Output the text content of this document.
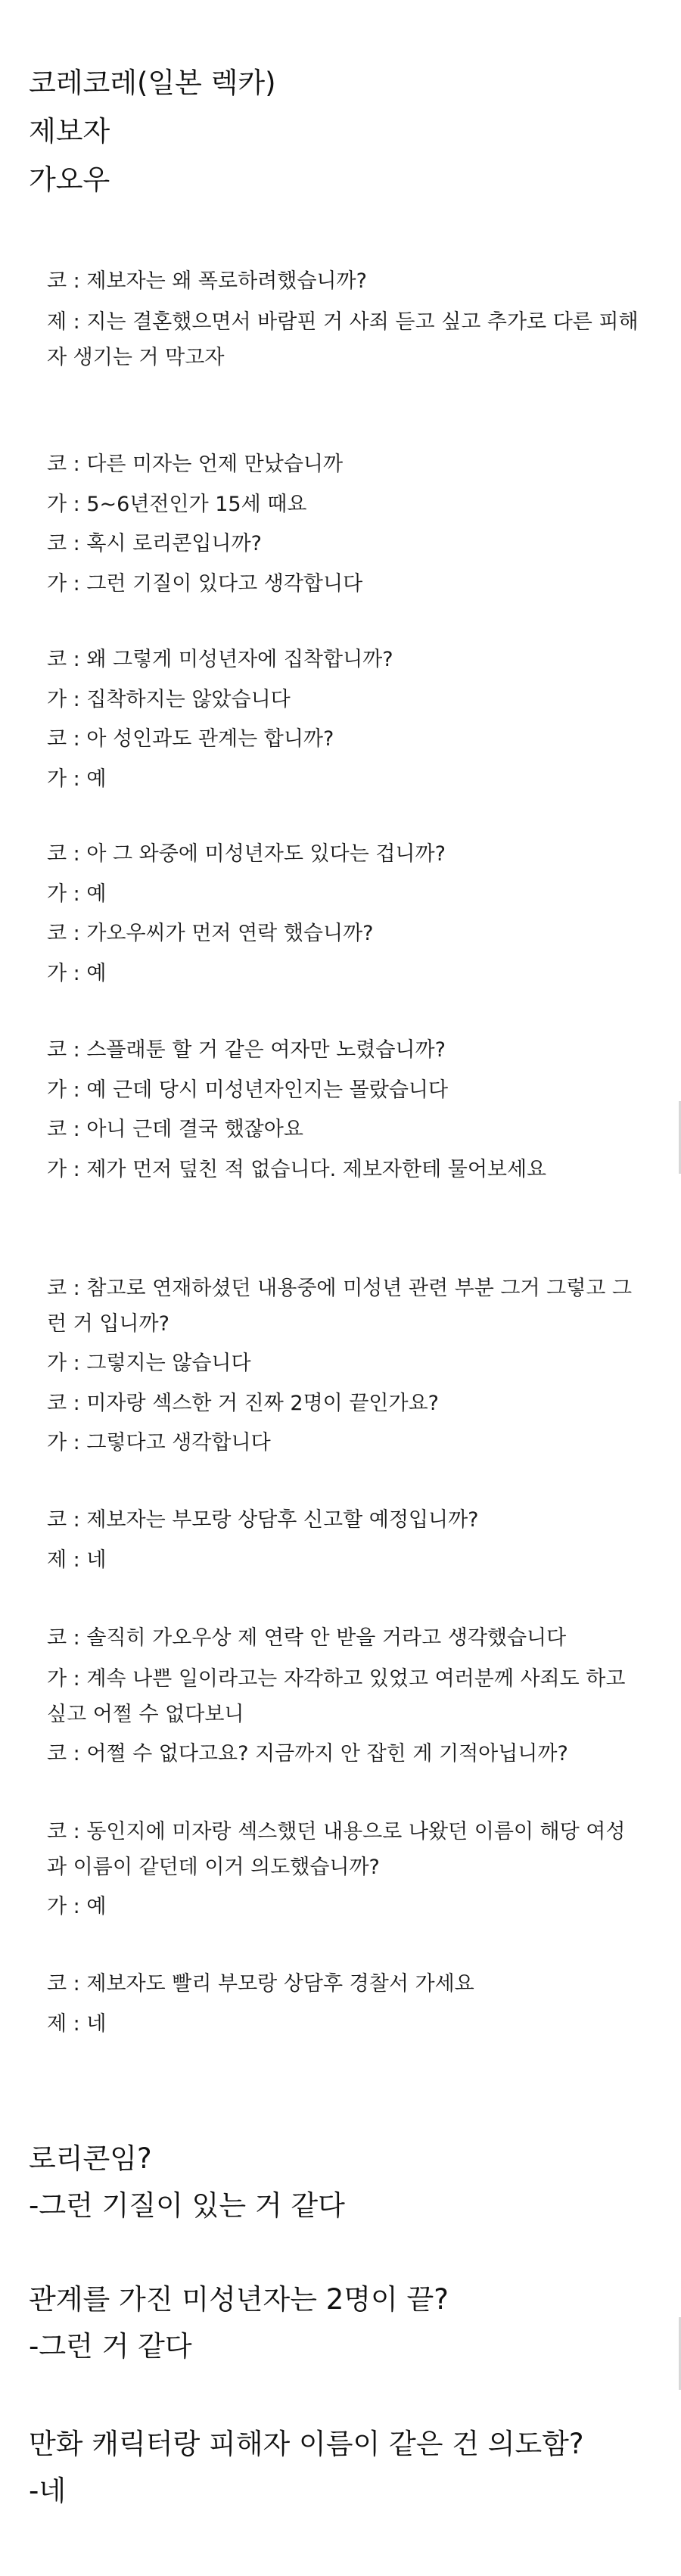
코레코레(일본 렉카)
제보자
가오우
코 : 제보자는 왜 폭로하려했습니까?
제 : 지는 결혼했으면서 바람핀 거 사죄 듣고 싶고 추가로 다른 피해자 생기는 거 막고자
코 : 다른 미자는 언제 만났습니까
가 : 5~6년전인가 15세 때요
코 : 혹시 로리콘입니까?
가 : 그런 기질이 있다고 생각합니다
코 : 왜 그렇게 미성년자에 집착합니까?
가 : 집착하지는 않았습니다
코 : 아 성인과도 관계는 합니까?
가 : 예
코 : 아 그 와중에 미성년자도 있다는 겁니까?
가 : 예
코 : 가오우씨가 먼저 연락 했습니까?
가 : 예
코 : 스플래툰 할 거 같은 여자만 노렸습니까?
가 : 예 근데 당시 미성년자인지는 몰랐습니다
코 : 아니 근데 결국 했잖아요
가 : 제가 먼저 덮친 적 없습니다. 제보자한테 물어보세요
코 : 참고로 연재하셨던 내용중에 미성년 관련 부분 그거 그렇고 그런 거 입니까?
가 : 그렇지는 않습니다
코 : 미자랑 섹스한 거 진짜 2명이 끝인가요?
가 : 그렇다고 생각합니다
코 : 제보자는 부모랑 상담후 신고할 예정입니까?
제 : 네
코 : 솔직히 가오우상 제 연락 안 받을 거라고 생각했습니다
가 : 계속 나쁜 일이라고는 자각하고 있었고 여러분께 사죄도 하고 싶고 어쩔 수 없다보니
코 : 어쩔 수 없다고요? 지금까지 안 잡힌 게 기적아닙니까?
코 : 동인지에 미자랑 섹스했던 내용으로 나왔던 이름이 해당 여성과 이름이 같던데 이거 의도했습니까?
가 : 예
코 : 제보자도 빨리 부모랑 상담후 경찰서 가세요
제 : 네
로리콘임?
-그런 기질이 있는 거 같다
관계를 가진 미성년자는 2명이 끝?
-그런 거 같다
만화 캐릭터랑 피해자 이름이 같은 건 의도함?
-네
